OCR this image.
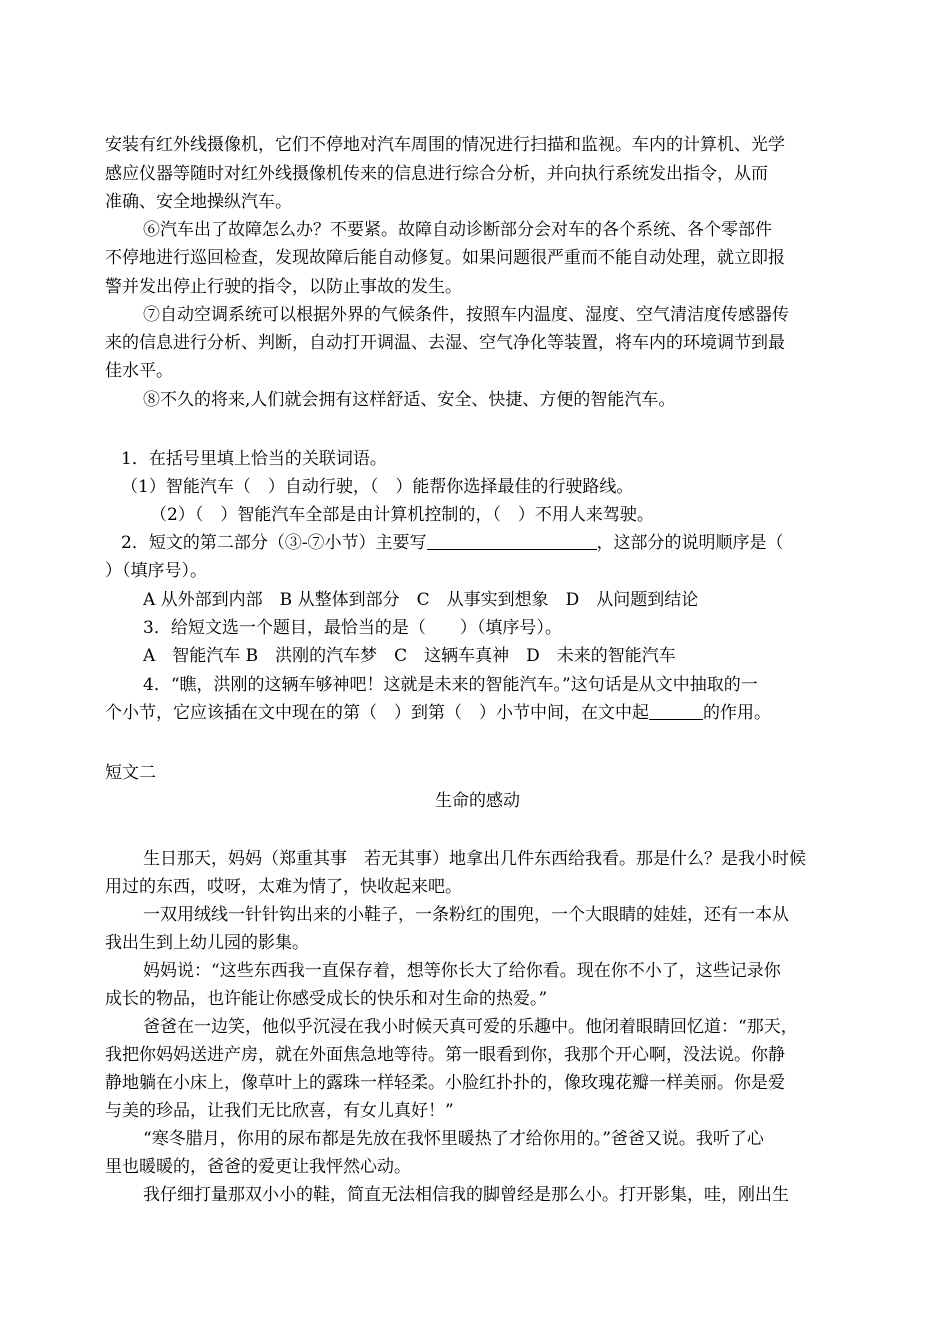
安装有红外线摄像机，它们不停地对汽车周围的情况进行扫描和监视。车内的计算机、光学
感应仪器等随时对红外线摄像机传来的信息进行综合分析，并向执行系统发出指令，从而
准确、安全地操纵汽车。
⑥汽车出了故障怎么办？不要紧。故障自动诊断部分会对车的各个系统、各个零部件
不停地进行巡回检查，发现故障后能自动修复。如果问题很严重而不能自动处理，就立即报
警并发出停止行驶的指令，以防止事故的发生。
⑦自动空调系统可以根据外界的气候条件，按照车内温度、湿度、空气清洁度传感器传
来的信息进行分析、判断，自动打开调温、去湿、空气净化等装置，将车内的环境调节到最
佳水平。
⑧不久的将来,人们就会拥有这样舒适、安全、快捷、方便的智能汽车。
1．在括号里填上恰当的关联词语。
（1）智能汽车（　）自动行驶，（　）能帮你选择最佳的行驶路线。
（2）（　）智能汽车全部是由计算机控制的，（　）不用人来驾驶。
2．短文的第二部分（③-⑦小节）主要写	，这部分的说明顺序是（
）（填序号）。
A 从外部到内部　B 从整体到部分　C　从事实到想象　D　从问题到结论
3．给短文选一个题目，最恰当的是（　　）（填序号）。
A　智能汽车 B　洪刚的汽车梦　C　这辆车真神　D　未来的智能汽车
4．“瞧，洪刚的这辆车够神吧！这就是未来的智能汽车。”这句话是从文中抽取的一
个小节，它应该插在文中现在的第（　）到第（　）小节中间，在文中起	的作用。
短文二
生命的感动
生日那天，妈妈（郑重其事　若无其事）地拿出几件东西给我看。那是什么？是我小时候
用过的东西，哎呀，太难为情了，快收起来吧。
一双用绒线一针针钩出来的小鞋子，一条粉红的围兜，一个大眼睛的娃娃，还有一本从
我出生到上幼儿园的影集。
妈妈说：“这些东西我一直保存着，想等你长大了给你看。现在你不小了，这些记录你
成长的物品，也许能让你感受成长的快乐和对生命的热爱。”
爸爸在一边笑，他似乎沉浸在我小时候天真可爱的乐趣中。他闭着眼睛回忆道：“那天，
我把你妈妈送进产房，就在外面焦急地等待。第一眼看到你，我那个开心啊，没法说。你静
静地躺在小床上，像草叶上的露珠一样轻柔。小脸红扑扑的，像玫瑰花瓣一样美丽。你是爱
与美的珍品，让我们无比欣喜，有女儿真好！”
“寒冬腊月，你用的尿布都是先放在我怀里暖热了才给你用的。”爸爸又说。我听了心
里也暖暖的，爸爸的爱更让我怦然心动。
我仔细打量那双小小的鞋，简直无法相信我的脚曾经是那么小。打开影集，哇，刚出生
